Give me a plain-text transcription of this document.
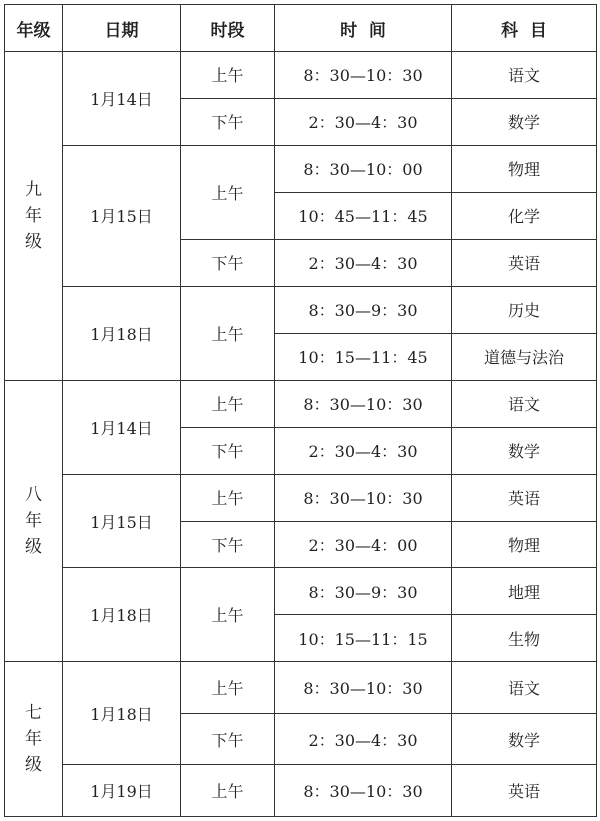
年级	日期	时段	时  间	科  目

九
年
级	1月14日	上午	8：30—10：30	语文
		下午	2：30—4：30	数学
	1月15日	上午	8：30—10：00	物理
			10：45—11：45	化学
		下午	2：30—4：30	英语
	1月18日	上午	8：30—9：30	历史
			10：15—11：45	道德与法治

八
年
级	1月14日	上午	8：30—10：30	语文
		下午	2：30—4：30	数学
	1月15日	上午	8：30—10：30	英语
		下午	2：30—4：00	物理
	1月18日	上午	8：30—9：30	地理
			10：15—11：15	生物

七
年
级	1月18日	上午	8：30—10：30	语文
		下午	2：30—4：30	数学
	1月19日	上午	8：30—10：30	英语
